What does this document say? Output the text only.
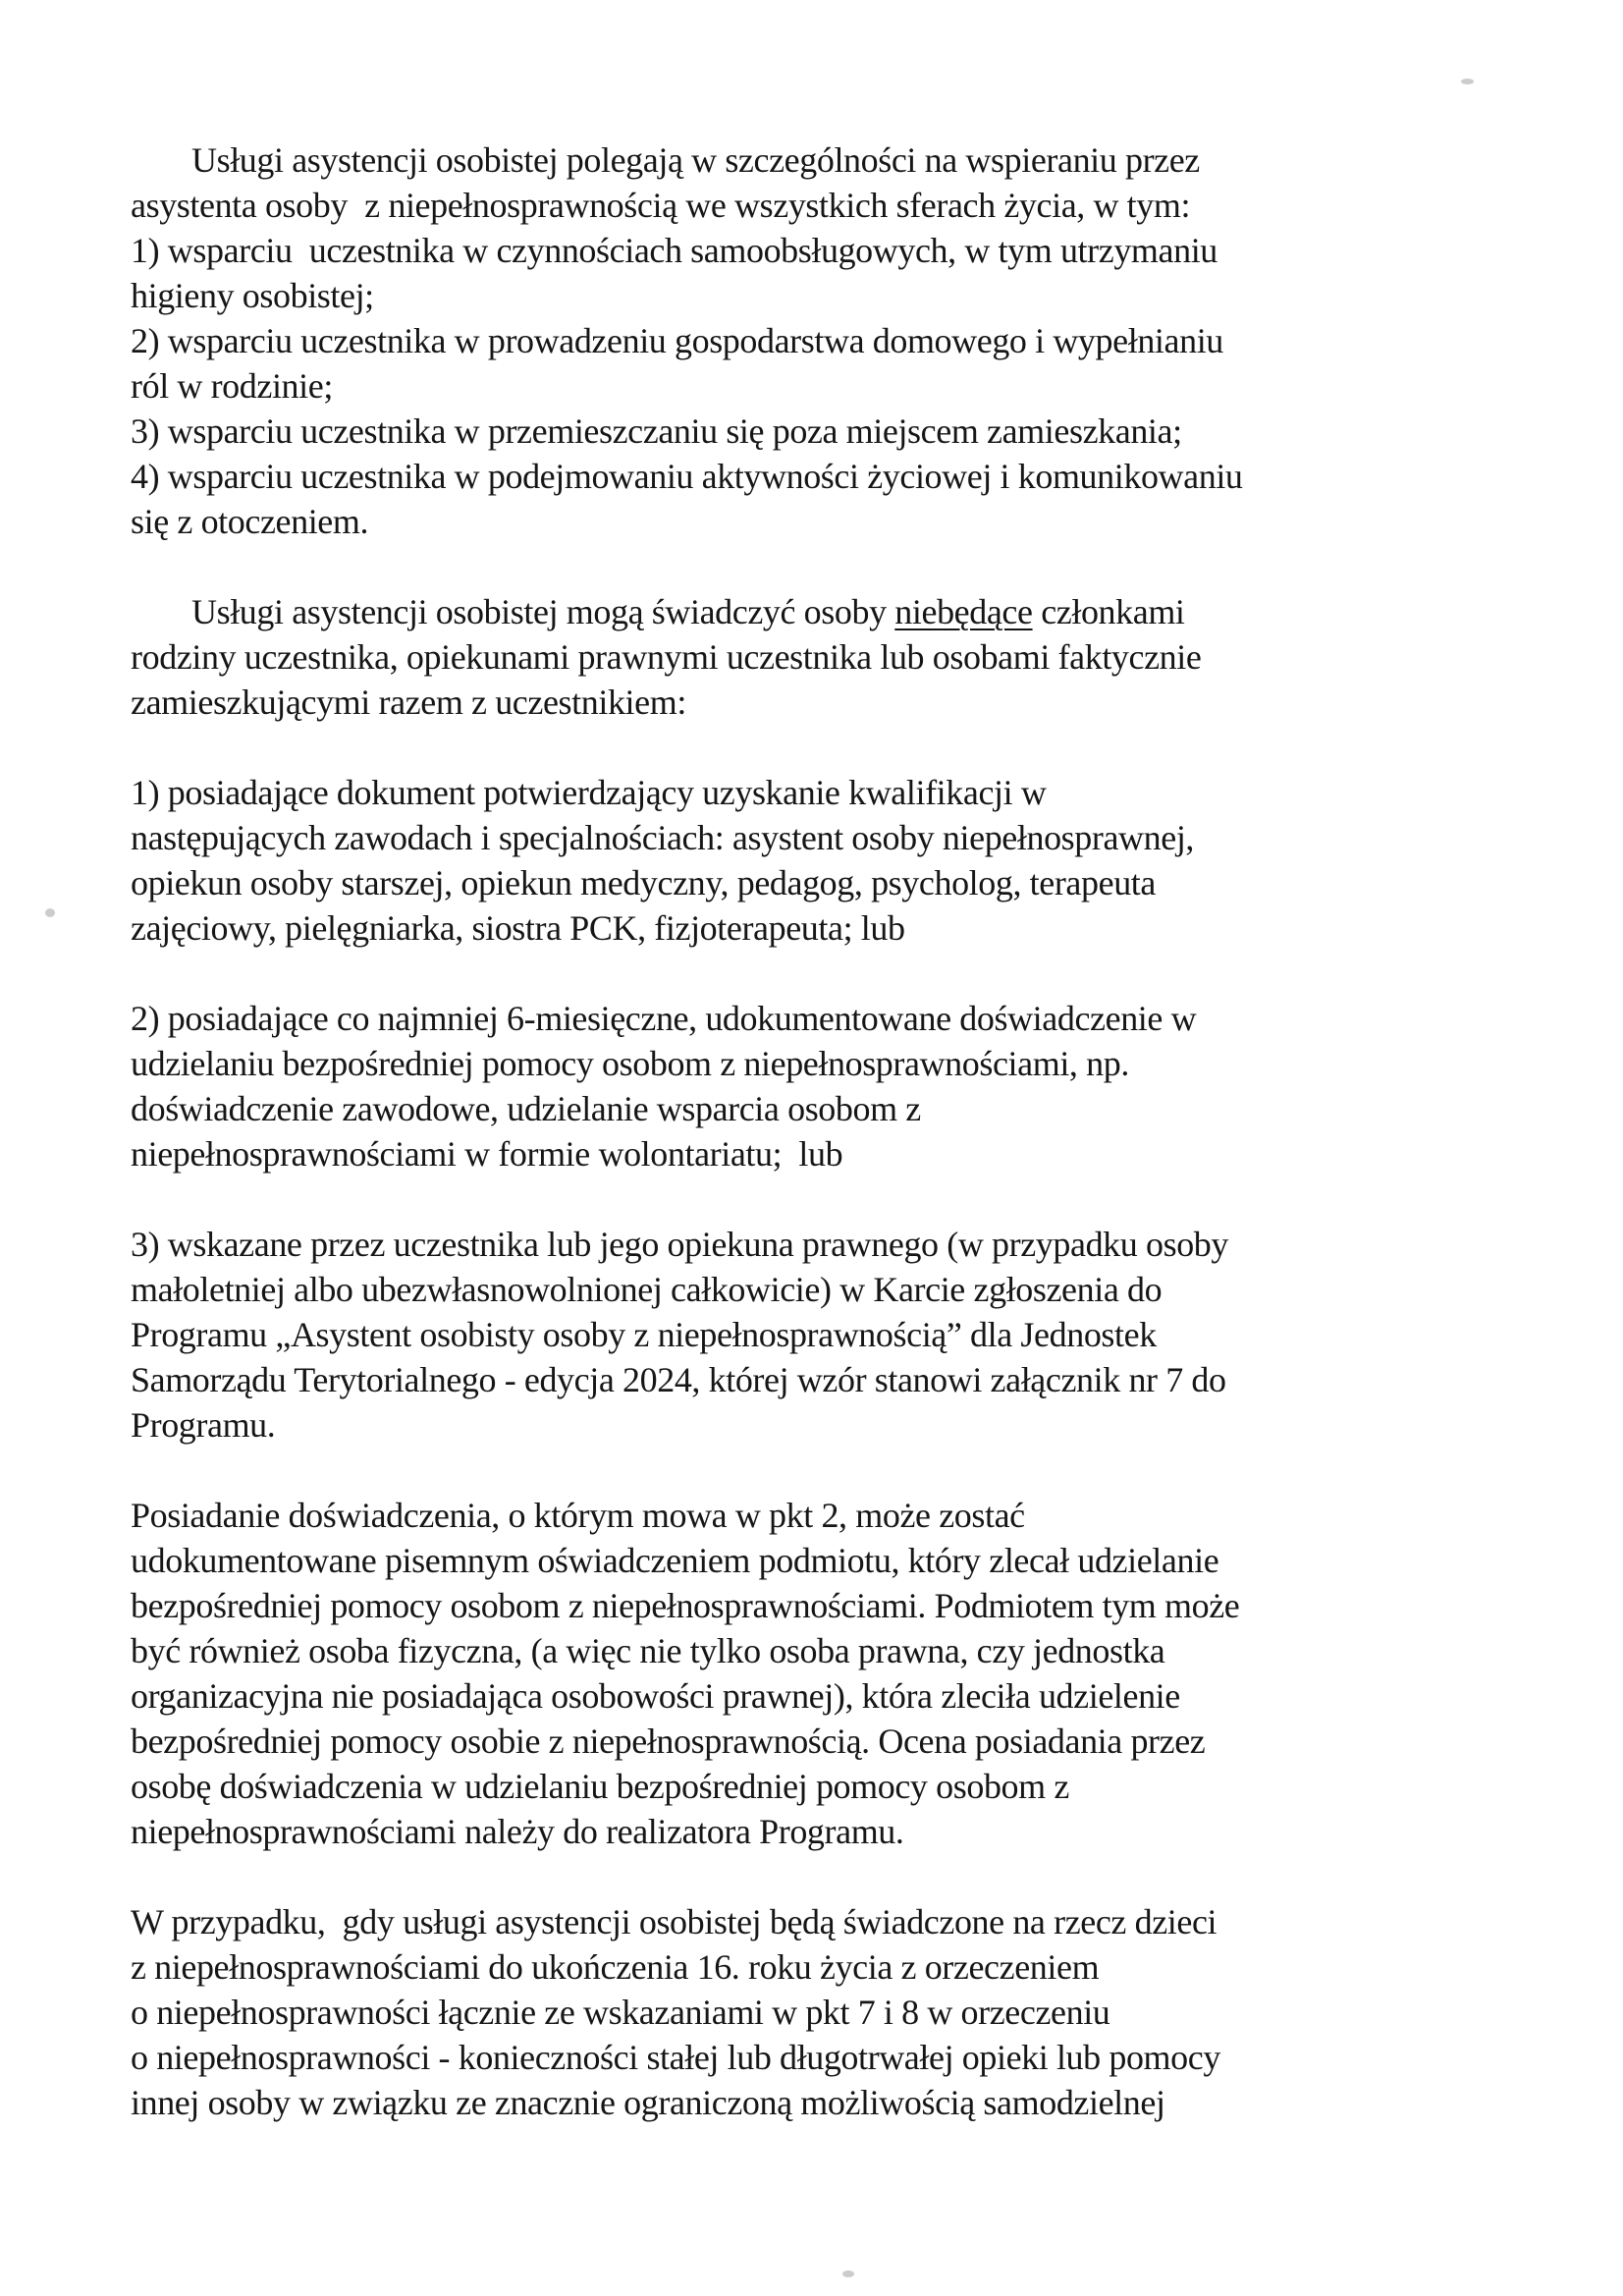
Usługi asystencji osobistej polegają w szczególności na wspieraniu przez
asystenta osoby  z niepełnosprawnością we wszystkich sferach życia, w tym:
1) wsparciu  uczestnika w czynnościach samoobsługowych, w tym utrzymaniu
higieny osobistej;
2) wsparciu uczestnika w prowadzeniu gospodarstwa domowego i wypełnianiu
ról w rodzinie;
3) wsparciu uczestnika w przemieszczaniu się poza miejscem zamieszkania;
4) wsparciu uczestnika w podejmowaniu aktywności życiowej i komunikowaniu
się z otoczeniem.
Usługi asystencji osobistej mogą świadczyć osoby niebędące członkami
rodziny uczestnika, opiekunami prawnymi uczestnika lub osobami faktycznie
zamieszkującymi razem z uczestnikiem:
1) posiadające dokument potwierdzający uzyskanie kwalifikacji w
następujących zawodach i specjalnościach: asystent osoby niepełnosprawnej,
opiekun osoby starszej, opiekun medyczny, pedagog, psycholog, terapeuta
zajęciowy, pielęgniarka, siostra PCK, fizjoterapeuta; lub
2) posiadające co najmniej 6-miesięczne, udokumentowane doświadczenie w
udzielaniu bezpośredniej pomocy osobom z niepełnosprawnościami, np.
doświadczenie zawodowe, udzielanie wsparcia osobom z
niepełnosprawnościami w formie wolontariatu;  lub
3) wskazane przez uczestnika lub jego opiekuna prawnego (w przypadku osoby
małoletniej albo ubezwłasnowolnionej całkowicie) w Karcie zgłoszenia do
Programu „Asystent osobisty osoby z niepełnosprawnością” dla Jednostek
Samorządu Terytorialnego - edycja 2024, której wzór stanowi załącznik nr 7 do
Programu.
Posiadanie doświadczenia, o którym mowa w pkt 2, może zostać
udokumentowane pisemnym oświadczeniem podmiotu, który zlecał udzielanie
bezpośredniej pomocy osobom z niepełnosprawnościami. Podmiotem tym może
być również osoba fizyczna, (a więc nie tylko osoba prawna, czy jednostka
organizacyjna nie posiadająca osobowości prawnej), która zleciła udzielenie
bezpośredniej pomocy osobie z niepełnosprawnością. Ocena posiadania przez
osobę doświadczenia w udzielaniu bezpośredniej pomocy osobom z
niepełnosprawnościami należy do realizatora Programu.
W przypadku,  gdy usługi asystencji osobistej będą świadczone na rzecz dzieci
z niepełnosprawnościami do ukończenia 16. roku życia z orzeczeniem
o niepełnosprawności łącznie ze wskazaniami w pkt 7 i 8 w orzeczeniu
o niepełnosprawności - konieczności stałej lub długotrwałej opieki lub pomocy
innej osoby w związku ze znacznie ograniczoną możliwością samodzielnej
